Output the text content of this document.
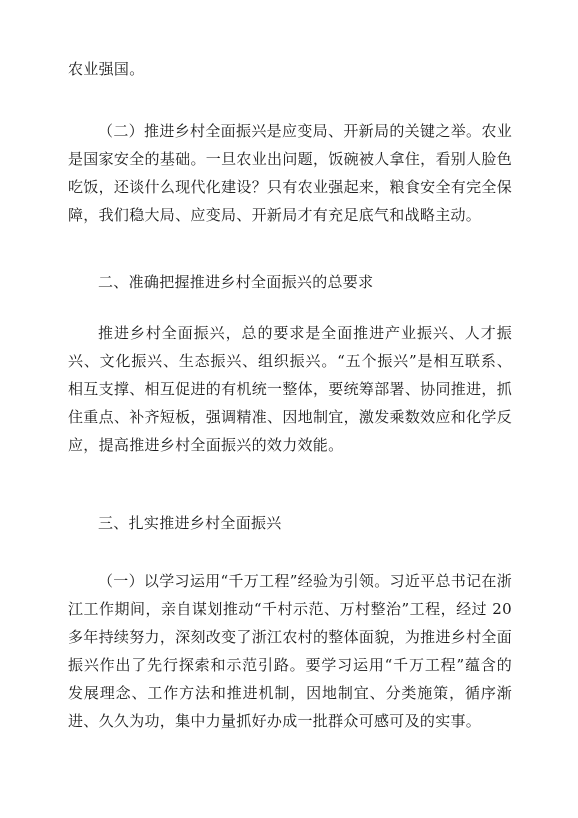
农业强国。

（二）推进乡村全面振兴是应变局、开新局的关键之举。农业是国家安全的基础。一旦农业出问题，饭碗被人拿住，看别人脸色吃饭，还谈什么现代化建设？只有农业强起来，粮食安全有完全保障，我们稳大局、应变局、开新局才有充足底气和战略主动。

二、准确把握推进乡村全面振兴的总要求

推进乡村全面振兴，总的要求是全面推进产业振兴、人才振兴、文化振兴、生态振兴、组织振兴。“五个振兴”是相互联系、相互支撑、相互促进的有机统一整体，要统筹部署、协同推进，抓住重点、补齐短板，强调精准、因地制宜，激发乘数效应和化学反应，提高推进乡村全面振兴的效力效能。

三、扎实推进乡村全面振兴

（一）以学习运用“千万工程”经验为引领。习近平总书记在浙江工作期间，亲自谋划推动“千村示范、万村整治”工程，经过 20 多年持续努力，深刻改变了浙江农村的整体面貌，为推进乡村全面振兴作出了先行探索和示范引路。要学习运用“千万工程”蕴含的发展理念、工作方法和推进机制，因地制宜、分类施策，循序渐进、久久为功，集中力量抓好办成一批群众可感可及的实事。
